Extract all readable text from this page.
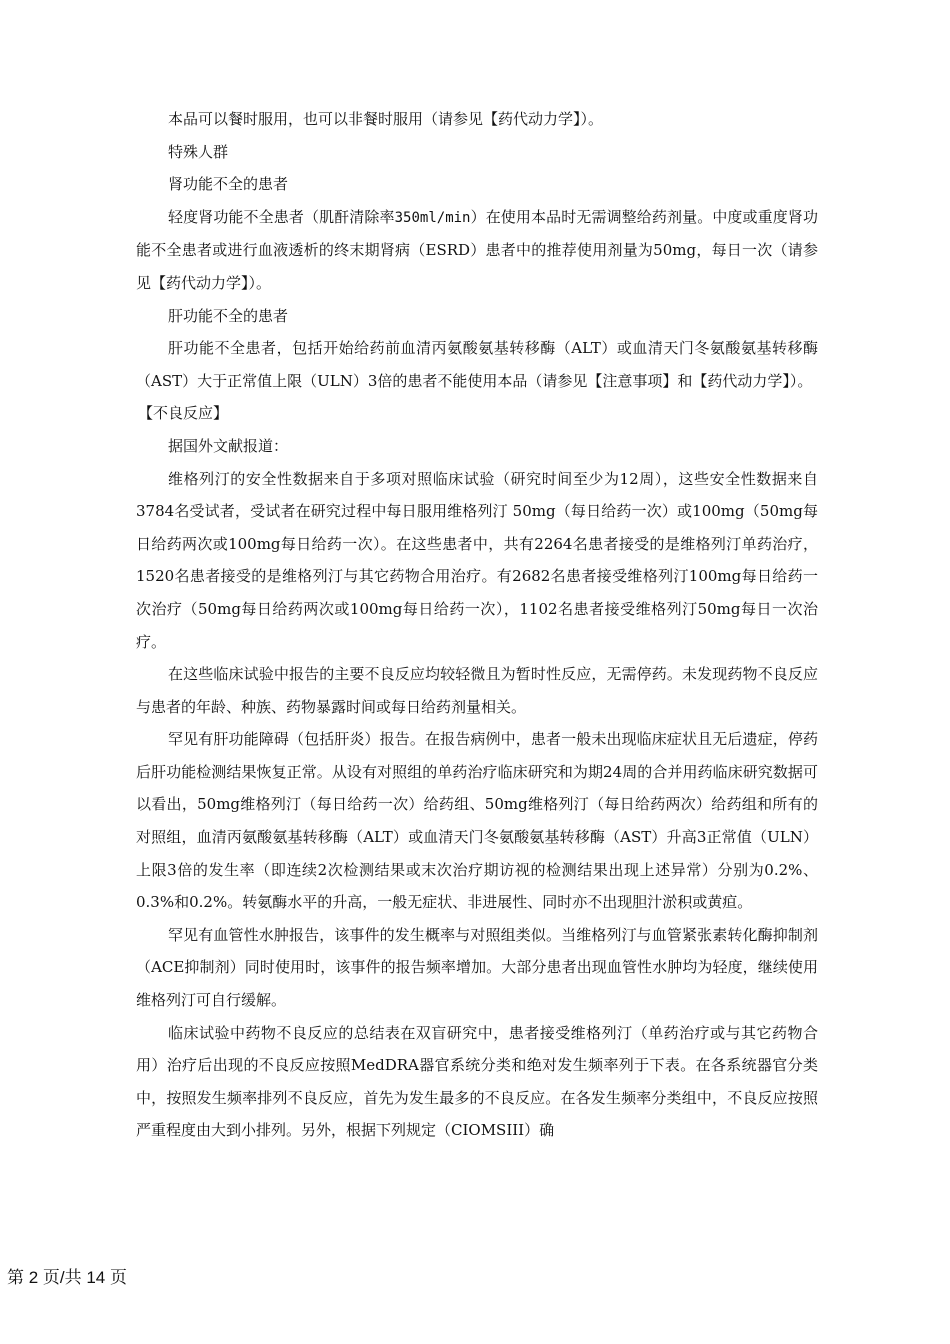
本品可以餐时服用，也可以非餐时服用（请参见【药代动力学】）。

特殊人群

肾功能不全的患者

轻度肾功能不全患者（肌酐清除率350ml/min）在使用本品时无需调整给药剂量。中度或重度肾功能不全患者或进行血液透析的终末期肾病（ESRD）患者中的推荐使用剂量为50mg，每日一次（请参见【药代动力学】）。

肝功能不全的患者

肝功能不全患者，包括开始给药前血清丙氨酸氨基转移酶（ALT）或血清天门冬氨酸氨基转移酶（AST）大于正常值上限（ULN）3倍的患者不能使用本品（请参见【注意事项】和【药代动力学】）。

【不良反应】

据国外文献报道：

维格列汀的安全性数据来自于多项对照临床试验（研究时间至少为12周），这些安全性数据来自3784名受试者，受试者在研究过程中每日服用维格列汀 50mg（每日给药一次）或100mg（50mg每日给药两次或100mg每日给药一次）。在这些患者中，共有2264名患者接受的是维格列汀单药治疗，1520名患者接受的是维格列汀与其它药物合用治疗。有2682名患者接受维格列汀100mg每日给药一次治疗（50mg每日给药两次或100mg每日给药一次），1102名患者接受维格列汀50mg每日一次治疗。

在这些临床试验中报告的主要不良反应均较轻微且为暂时性反应，无需停药。未发现药物不良反应与患者的年龄、种族、药物暴露时间或每日给药剂量相关。

罕见有肝功能障碍（包括肝炎）报告。在报告病例中，患者一般未出现临床症状且无后遗症，停药后肝功能检测结果恢复正常。从设有对照组的单药治疗临床研究和为期24周的合并用药临床研究数据可以看出，50mg维格列汀（每日给药一次）给药组、50mg维格列汀（每日给药两次）给药组和所有的对照组，血清丙氨酸氨基转移酶（ALT）或血清天门冬氨酸氨基转移酶（AST）升高3正常值（ULN）上限3倍的发生率（即连续2次检测结果或末次治疗期访视的检测结果出现上述异常）分别为0.2%、0.3%和0.2%。转氨酶水平的升高，一般无症状、非进展性、同时亦不出现胆汁淤积或黄疸。

罕见有血管性水肿报告，该事件的发生概率与对照组类似。当维格列汀与血管紧张素转化酶抑制剂（ACE抑制剂）同时使用时，该事件的报告频率增加。大部分患者出现血管性水肿均为轻度，继续使用维格列汀可自行缓解。

临床试验中药物不良反应的总结表在双盲研究中，患者接受维格列汀（单药治疗或与其它药物合用）治疗后出现的不良反应按照MedDRA器官系统分类和绝对发生频率列于下表。在各系统器官分类中，按照发生频率排列不良反应，首先为发生最多的不良反应。在各发生频率分类组中，不良反应按照严重程度由大到小排列。另外，根据下列规定（CIOMSIII）确

第 2 页/共 14 页
